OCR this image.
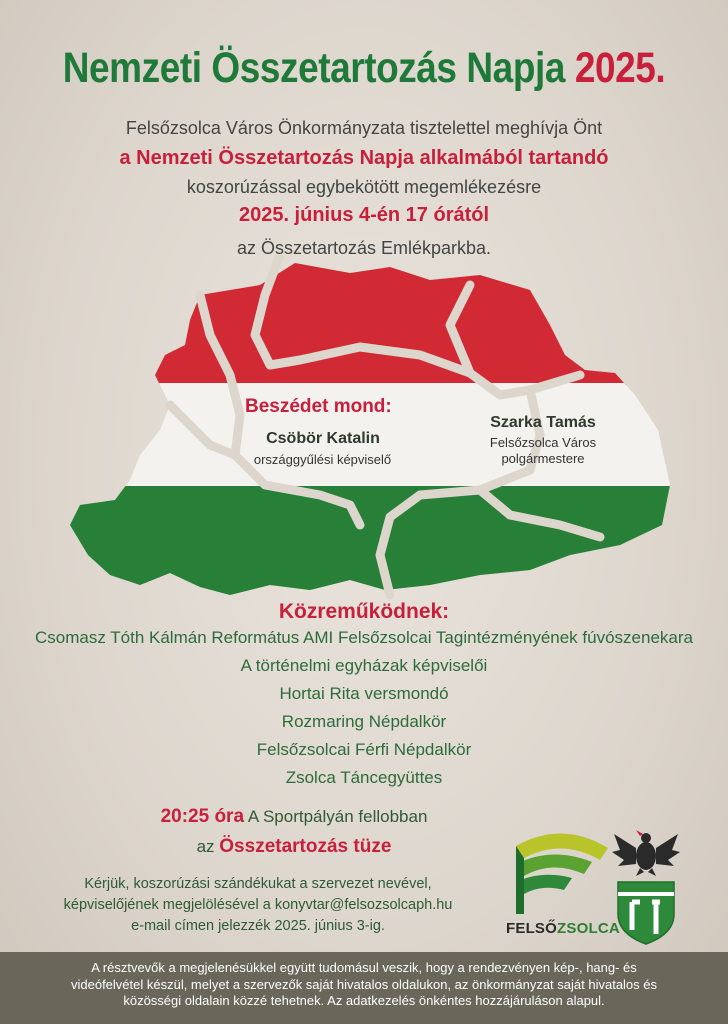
Nemzeti Összetartozás Napja 2025.
Felsőzsolca Város Önkormányzata tisztelettel meghívja Önt
a Nemzeti Összetartozás Napja alkalmából tartandó
koszorúzással egybekötött megemlékezésre
2025. június 4-én 17 órától
az Összetartozás Emlékparkba.
Beszédet mond:
Csöbör Katalin
országgyűlési képviselő
Szarka Tamás
Felsőzsolca Város
polgármestere
Közreműködnek:
Csomasz Tóth Kálmán Református AMI Felsőzsolcai Tagintézményének fúvószenekara
A történelmi egyházak képviselői
Hortai Rita versmondó
Rozmaring Népdalkör
Felsőzsolcai Férfi Népdalkör
Zsolca Táncegyüttes
20:25 óra A Sportpályán fellobban
az Összetartozás tüze
Kérjük, koszorúzási szándékukat a szervezet nevével,
képviselőjének megjelölésével a konyvtar@felsozsolcaph.hu
e-mail címen jelezzék 2025. június 3-ig.	FELSŐZSOLCA
A résztvevők a megjelenésükkel együtt tudomásul veszik, hogy a rendezvényen kép-, hang- és
videófelvétel készül, melyet a szervezők saját hivatalos oldalukon, az önkormányzat saját hivatalos és
közösségi oldalain közzé tehetnek. Az adatkezelés önkéntes hozzájáruláson alapul.
